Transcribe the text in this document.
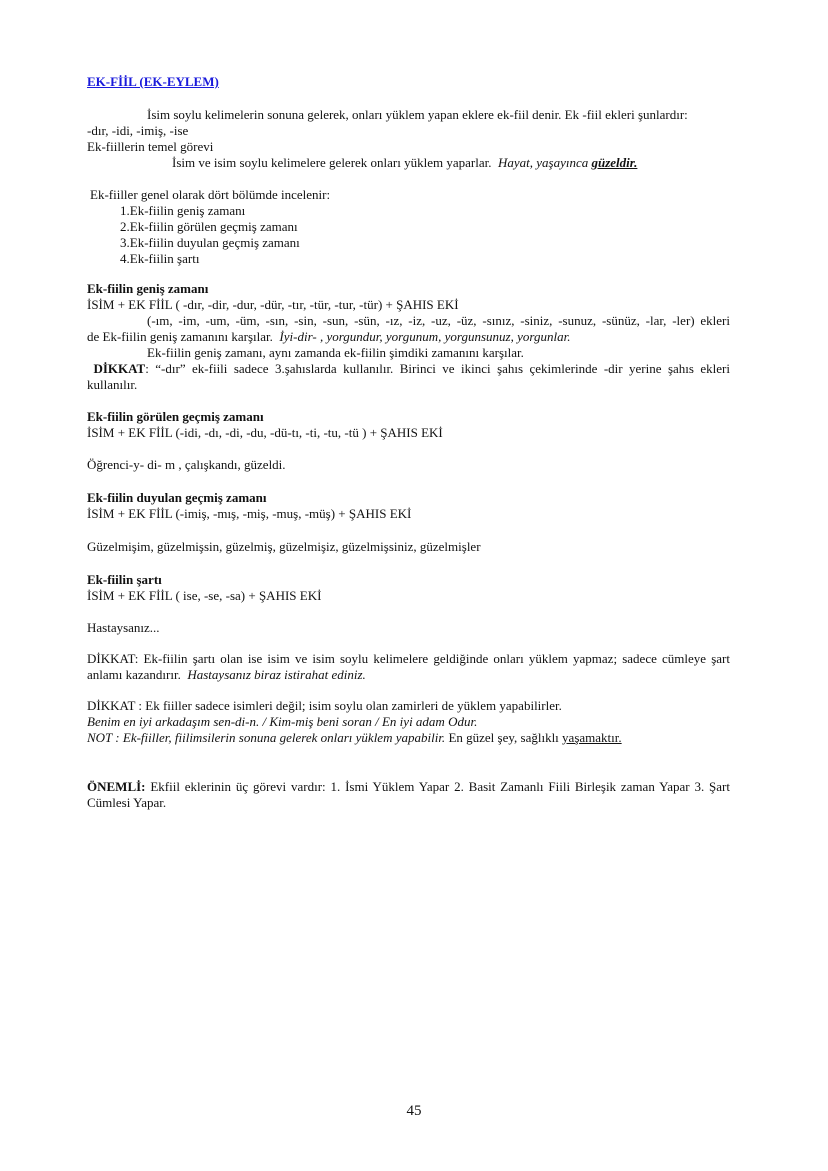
EK-FİİL (EK-EYLEM)
İsim soylu kelimelerin sonuna gelerek, onları yüklem yapan eklere ek-fiil denir. Ek -fiil ekleri şunlardır:
-dır, -idi, -imiş, -ise
Ek-fiillerin temel görevi
İsim ve isim soylu kelimelere gelerek onları yüklem yaparlar. Hayat, yaşayınca güzeldir.
Ek-fiiller genel olarak dört bölümde incelenir:
1.Ek-fiilin geniş zamanı
2.Ek-fiilin görülen geçmiş zamanı
3.Ek-fiilin duyulan geçmiş zamanı
4.Ek-fiilin şartı
Ek-fiilin geniş zamanı
İSİM + EK FİİL ( -dır, -dir, -dur, -dür, -tır, -tür, -tur, -tür) + ŞAHIS EKİ
(-ım, -im, -um, -üm, -sın, -sin, -sun, -sün, -ız, -iz, -uz, -üz, -sınız, -siniz, -sunuz, -sünüz, -lar, -ler) ekleri
de Ek-fiilin geniş zamanını karşılar. İyi-dir- , yorgundur, yorgunum, yorgunsunuz, yorgunlar.
Ek-fiilin geniş zamanı, aynı zamanda ek-fiilin şimdiki zamanını karşılar.
DİKKAT: “-dır” ek-fiili sadece 3.şahıslarda kullanılır. Birinci ve ikinci şahıs çekimlerinde -dir yerine şahıs ekleri kullanılır.
Ek-fiilin görülen geçmiş zamanı
İSİM + EK FİİL (-idi, -dı, -di, -du, -dü-tı, -ti, -tu, -tü ) + ŞAHIS EKİ
Öğrenci-y- di- m , çalışkandı, güzeldi.
Ek-fiilin duyulan geçmiş zamanı
İSİM + EK FİİL (-imiş, -mış, -miş, -muş, -müş) + ŞAHIS EKİ
Güzelmişim, güzelmişsin, güzelmiş, güzelmişiz, güzelmişsiniz, güzelmişler
Ek-fiilin şartı
İSİM + EK FİİL ( ise, -se, -sa) + ŞAHIS EKİ
Hastaysanız...
DİKKAT: Ek-fiilin şartı olan ise isim ve isim soylu kelimelere geldiğinde onları yüklem yapmaz; sadece cümleye şart anlamı kazandırır. Hastaysanız biraz istirahat ediniz.
DİKKAT : Ek fiiller sadece isimleri değil; isim soylu olan zamirleri de yüklem yapabilirler.
Benim en iyi arkadaşım sen-di-n. / Kim-miş beni soran / En iyi adam Odur.
NOT : Ek-fiiller, fiilimsilerin sonuna gelerek onları yüklem yapabilir. En güzel şey, sağlıklı yaşamaktır.
ÖNEMLİ: Ekfiil eklerinin üç görevi vardır: 1. İsmi Yüklem Yapar 2. Basit Zamanlı Fiili Birleşik zaman Yapar 3. Şart Cümlesi Yapar.
45
